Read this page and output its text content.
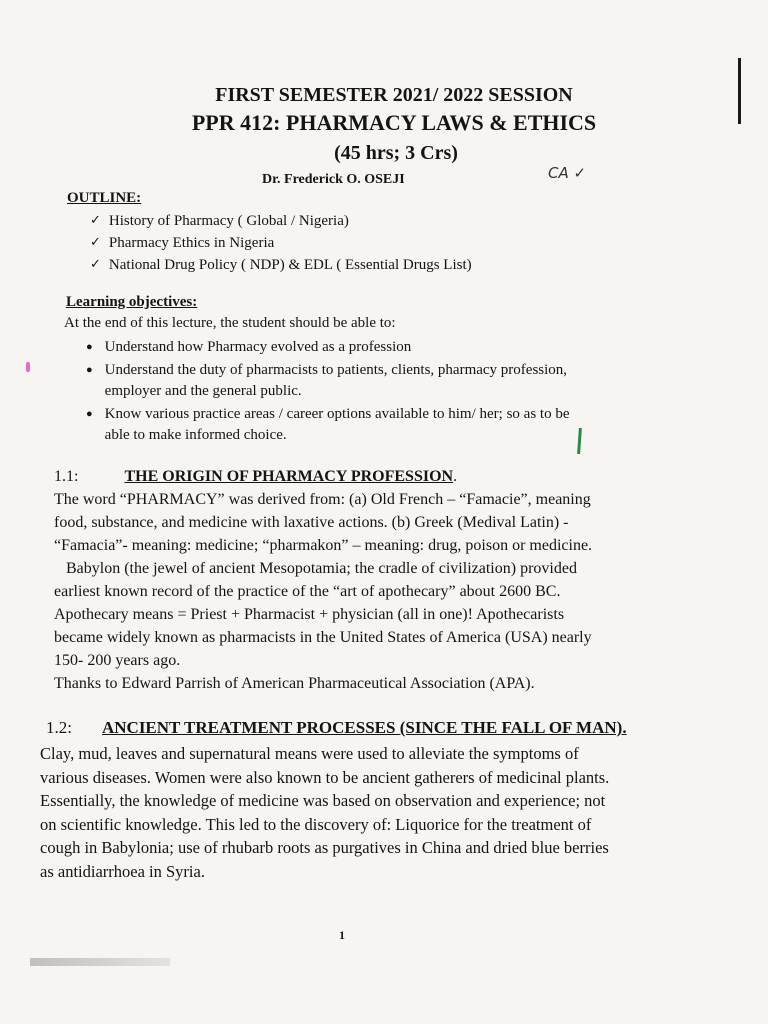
FIRST SEMESTER 2021/ 2022 SESSION
PPR 412: PHARMACY LAWS & ETHICS
(45 hrs; 3 Crs)
Dr. Frederick O. OSEJI	CA ✓
OUTLINE:
✓ History of Pharmacy ( Global / Nigeria)
✓ Pharmacy Ethics in Nigeria
✓ National Drug Policy ( NDP) & EDL ( Essential Drugs List)
Learning objectives:
At the end of this lecture, the student should be able to:
● Understand how Pharmacy evolved as a profession
● Understand the duty of pharmacists to patients, clients, pharmacy profession,
employer and the general public.
● Know various practice areas / career options available to him/ her; so as to be
able to make informed choice.
1.1:	THE ORIGIN OF PHARMACY PROFESSION.
The word “PHARMACY” was derived from: (a) Old French – “Famacie”, meaning
food, substance, and medicine with laxative actions. (b) Greek (Medival Latin) -
“Famacia”- meaning: medicine; “pharmakon” – meaning: drug, poison or medicine.
Babylon (the jewel of ancient Mesopotamia; the cradle of civilization) provided
earliest known record of the practice of the “art of apothecary” about 2600 BC.
Apothecary means = Priest + Pharmacist + physician (all in one)! Apothecarists
became widely known as pharmacists in the United States of America (USA) nearly
150- 200 years ago.
Thanks to Edward Parrish of American Pharmaceutical Association (APA).
1.2: ANCIENT TREATMENT PROCESSES (SINCE THE FALL OF MAN).
Clay, mud, leaves and supernatural means were used to alleviate the symptoms of
various diseases. Women were also known to be ancient gatherers of medicinal plants.
Essentially, the knowledge of medicine was based on observation and experience; not
on scientific knowledge. This led to the discovery of: Liquorice for the treatment of
cough in Babylonia; use of rhubarb roots as purgatives in China and dried blue berries
as antidiarrhoea in Syria.
1
